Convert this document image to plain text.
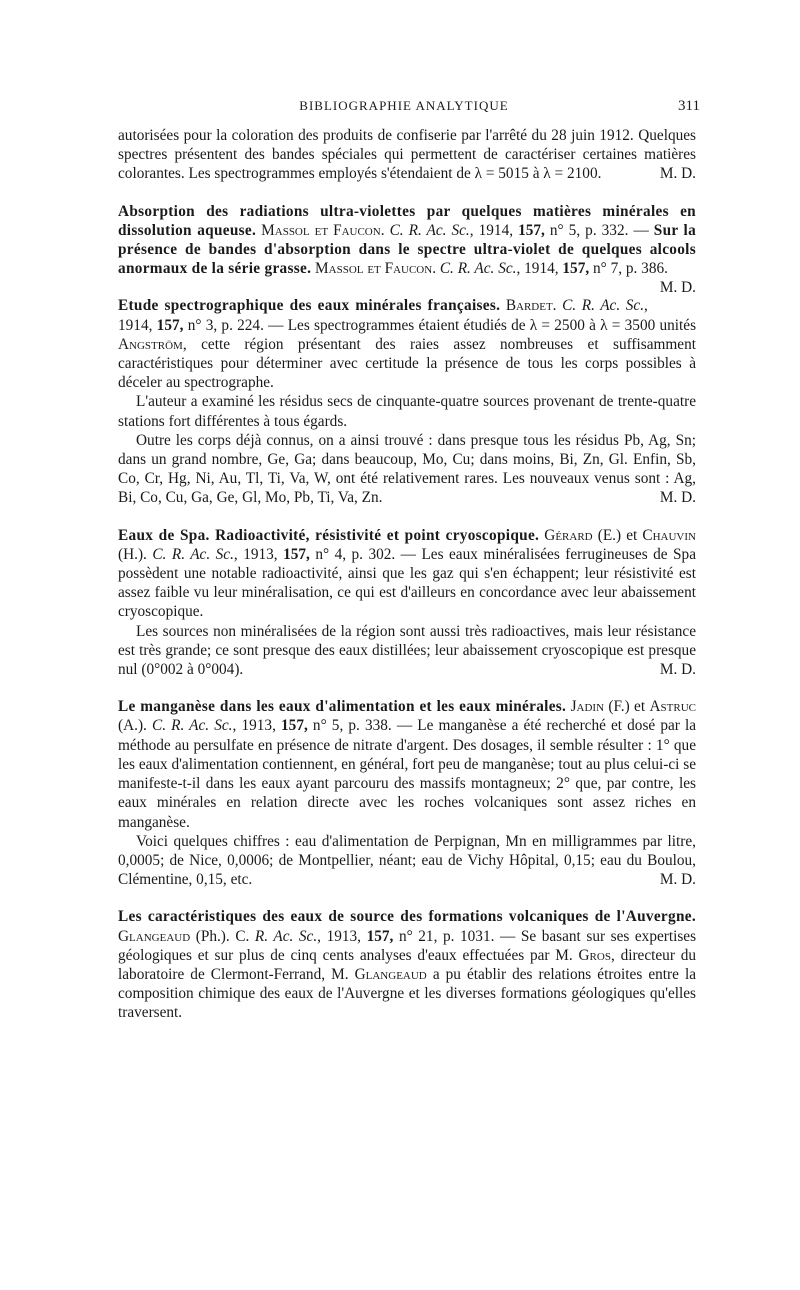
BIBLIOGRAPHIE ANALYTIQUE	311

autorisées pour la coloration des produits de confiserie par l'arrêté du 28 juin 1912. Quelques spectres présentent des bandes spéciales qui permettent de caractériser certaines matières colorantes. Les spectrogrammes employés s'étendaient de λ = 5015 à λ = 2100.	M. D.

Absorption des radiations ultra-violettes par quelques matières minérales en dissolution aqueuse. Massol et Faucon. C. R. Ac. Sc., 1914, 157, n° 5, p. 332. — Sur la présence de bandes d'absorption dans le spectre ultra-violet de quelques alcools anormaux de la série grasse. Massol et Faucon. C. R. Ac. Sc., 1914, 157, n° 7, p. 386.
M. D.

Etude spectrographique des eaux minérales françaises. Bardet. C. R. Ac. Sc., 1914, 157, n° 3, p. 224. — Les spectrogrammes étaient étudiés de λ = 2500 à λ = 3500 unités Angström, cette région présentant des raies assez nombreuses et suffisamment caractéristiques pour déterminer avec certitude la présence de tous les corps possibles à déceler au spectrographe.

L'auteur a examiné les résidus secs de cinquante-quatre sources provenant de trente-quatre stations fort différentes à tous égards.

Outre les corps déjà connus, on a ainsi trouvé : dans presque tous les résidus Pb, Ag, Sn; dans un grand nombre, Ge, Ga; dans beaucoup, Mo, Cu; dans moins, Bi, Zn, Gl. Enfin, Sb, Co, Cr, Hg, Ni, Au, Tl, Ti, Va, W, ont été relativement rares. Les nouveaux venus sont : Ag, Bi, Co, Cu, Ga, Ge, Gl, Mo, Pb, Ti, Va, Zn.	M. D.

Eaux de Spa. Radioactivité, résistivité et point cryoscopique. Gérard (E.) et Chauvin (H.). C. R. Ac. Sc., 1913, 157, n° 4, p. 302. — Les eaux minéralisées ferrugineuses de Spa possèdent une notable radioactivité, ainsi que les gaz qui s'en échappent; leur résistivité est assez faible vu leur minéralisation, ce qui est d'ailleurs en concordance avec leur abaissement cryoscopique.

Les sources non minéralisées de la région sont aussi très radioactives, mais leur résistance est très grande; ce sont presque des eaux distillées; leur abaissement cryoscopique est presque nul (0°002 à 0°004).	M. D.

Le manganèse dans les eaux d'alimentation et les eaux minérales. Jadin (F.) et Astruc (A.). C. R. Ac. Sc., 1913, 157, n° 5, p. 338. — Le manganèse a été recherché et dosé par la méthode au persulfate en présence de nitrate d'argent. Des dosages, il semble résulter : 1° que les eaux d'alimentation contiennent, en général, fort peu de manganèse; tout au plus celui-ci se manifeste-t-il dans les eaux ayant parcouru des massifs montagneux; 2° que, par contre, les eaux minérales en relation directe avec les roches volcaniques sont assez riches en manganèse.

Voici quelques chiffres : eau d'alimentation de Perpignan, Mn en milligrammes par litre, 0,0005; de Nice, 0,0006; de Montpellier, néant; eau de Vichy Hôpital, 0,15; eau du Boulou, Clémentine, 0,15, etc.	M. D.

Les caractéristiques des eaux de source des formations volcaniques de l'Auvergne. Glangeaud (Ph.). C. R. Ac. Sc., 1913, 157, n° 21, p. 1031. — Se basant sur ses expertises géologiques et sur plus de cinq cents analyses d'eaux effectuées par M. Gros, directeur du laboratoire de Clermont-Ferrand, M. Glangeaud a pu établir des relations étroites entre la composition chimique des eaux de l'Auvergne et les diverses formations géologiques qu'elles traversent.
